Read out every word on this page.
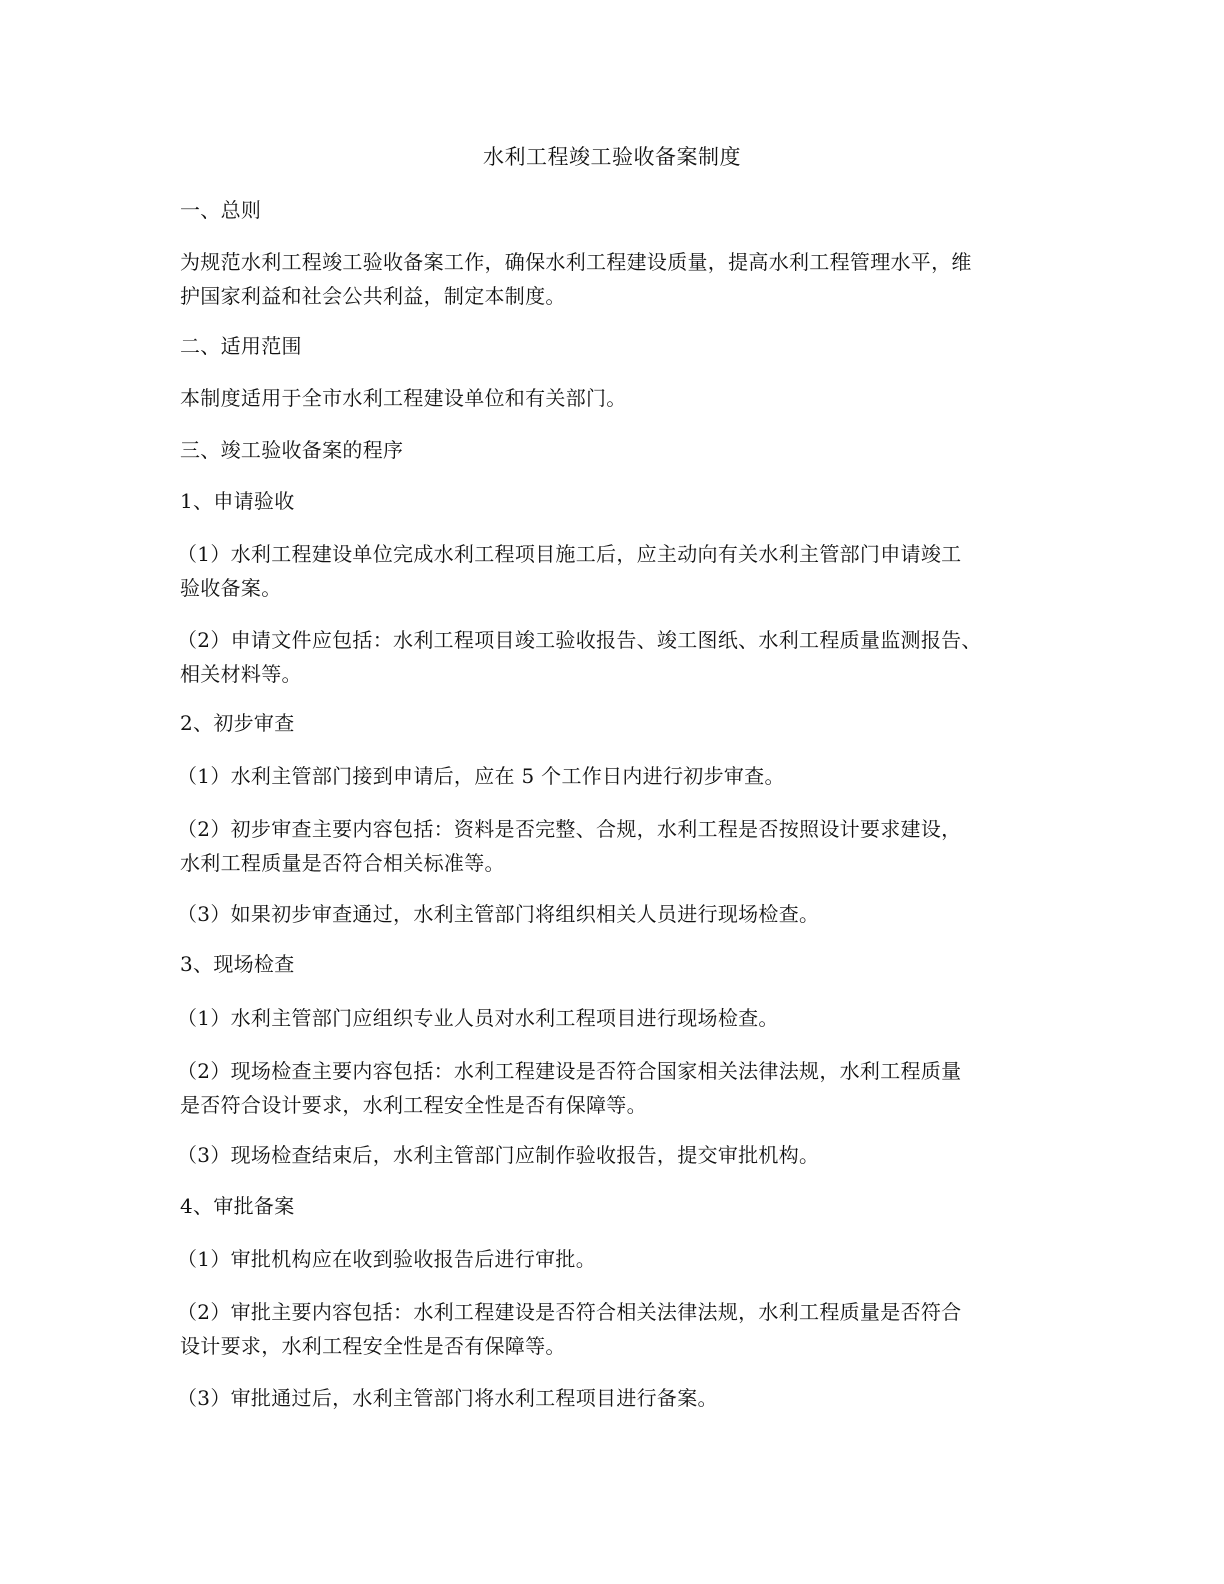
水利工程竣工验收备案制度

一、总则

为规范水利工程竣工验收备案工作，确保水利工程建设质量，提高水利工程管理水平，维
护国家利益和社会公共利益，制定本制度。

二、适用范围

本制度适用于全市水利工程建设单位和有关部门。

三、竣工验收备案的程序

1、申请验收

（1）水利工程建设单位完成水利工程项目施工后，应主动向有关水利主管部门申请竣工
验收备案。

（2）申请文件应包括：水利工程项目竣工验收报告、竣工图纸、水利工程质量监测报告、
相关材料等。

2、初步审查

（1）水利主管部门接到申请后，应在 5 个工作日内进行初步审查。

（2）初步审查主要内容包括：资料是否完整、合规，水利工程是否按照设计要求建设，
水利工程质量是否符合相关标准等。

（3）如果初步审查通过，水利主管部门将组织相关人员进行现场检查。

3、现场检查

（1）水利主管部门应组织专业人员对水利工程项目进行现场检查。

（2）现场检查主要内容包括：水利工程建设是否符合国家相关法律法规，水利工程质量
是否符合设计要求，水利工程安全性是否有保障等。

（3）现场检查结束后，水利主管部门应制作验收报告，提交审批机构。

4、审批备案

（1）审批机构应在收到验收报告后进行审批。

（2）审批主要内容包括：水利工程建设是否符合相关法律法规，水利工程质量是否符合
设计要求，水利工程安全性是否有保障等。

（3）审批通过后，水利主管部门将水利工程项目进行备案。
